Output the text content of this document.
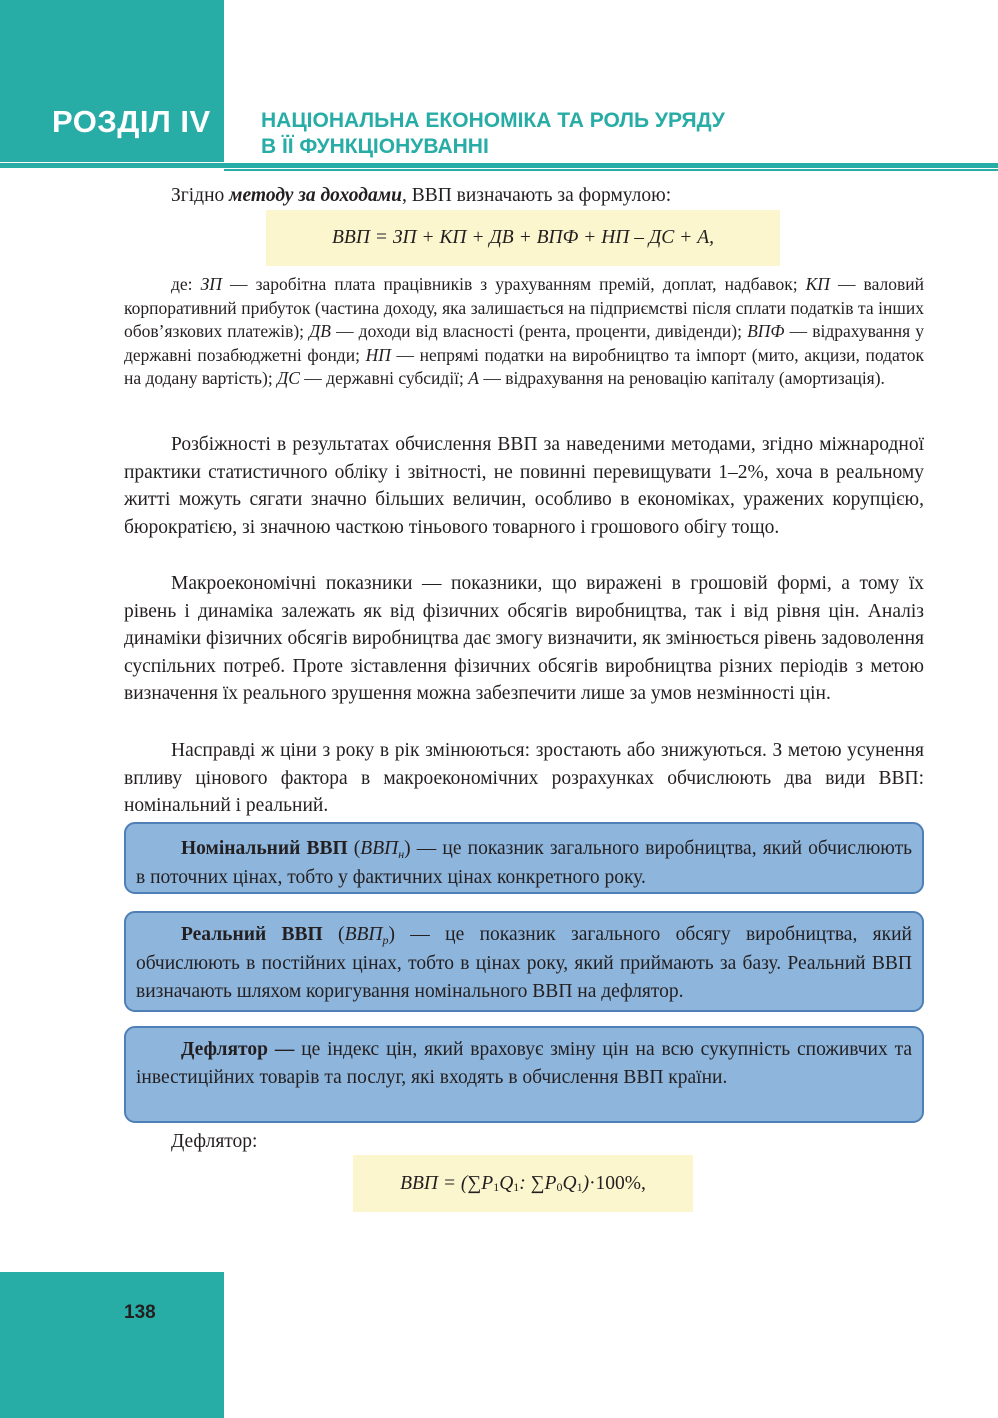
РОЗДІЛ IV НАЦІОНАЛЬНА ЕКОНОМІКА ТА РОЛЬ УРЯДУ
В ЇЇ ФУНКЦІОНУВАННІ
Згідно методу за доходами, ВВП визначають за формулою:
ВВП = ЗП + КП + ДВ + ВПФ + НП – ДС + А,
де: ЗП — заробітна плата працівників з урахуванням премій, доплат, надбавок; КП — валовий корпоративний прибуток (частина доходу, яка залишається на підприємстві після сплати податків та інших обов’язкових платежів); ДВ — доходи від власності (рента, проценти, дивіденди); ВПФ — відрахування у державні позабюджетні фонди; НП — непрямі податки на виробництво та імпорт (мито, акцизи, податок на додану вартість); ДС — державні субсидії; А — відрахування на реновацію капіталу (амортизація).
Розбіжності в результатах обчислення ВВП за наведеними методами, згідно міжнародної практики статистичного обліку і звітності, не повинні перевищувати 1–2%, хоча в реальному житті можуть сягати значно більших величин, особливо в економіках, уражених корупцією, бюрократією, зі значною часткою тіньового товарного і грошового обігу тощо.
Макроекономічні показники — показники, що виражені в грошовій формі, а тому їх рівень і динаміка залежать як від фізичних обсягів виробництва, так і від рівня цін. Аналіз динаміки фізичних обсягів виробництва дає змогу визначити, як змінюється рівень задоволення суспільних потреб. Проте зіставлення фізичних обсягів виробництва різних періодів з метою визначення їх реального зрушення можна забезпечити лише за умов незмінності цін.
Насправді ж ціни з року в рік змінюються: зростають або знижуються. З метою усунення впливу цінового фактора в макроекономічних розрахунках обчислюють два види ВВП: номінальний і реальний.
Номінальний ВВП $(ВВП_н)$ — це показник загального виробництва, який обчислюють в поточних цінах, тобто у фактичних цінах конкретного року.
Реальний ВВП $(ВВП_р)$ — це показник загального обсягу виробництва, який обчислюють в постійних цінах, тобто в цінах року, який приймають за базу. Реальний ВВП визначають шляхом коригування номінального ВВП на дефлятор.
Дефлятор — це індекс цін, який враховує зміну цін на всю сукупність споживчих та інвестиційних товарів та послуг, які входять в обчислення ВВП країни.
Дефлятор:
ВВП = ($\sum P_1$ $Q_1$ : $\sum P_0$ $Q_1$ ) ·100%,
138
